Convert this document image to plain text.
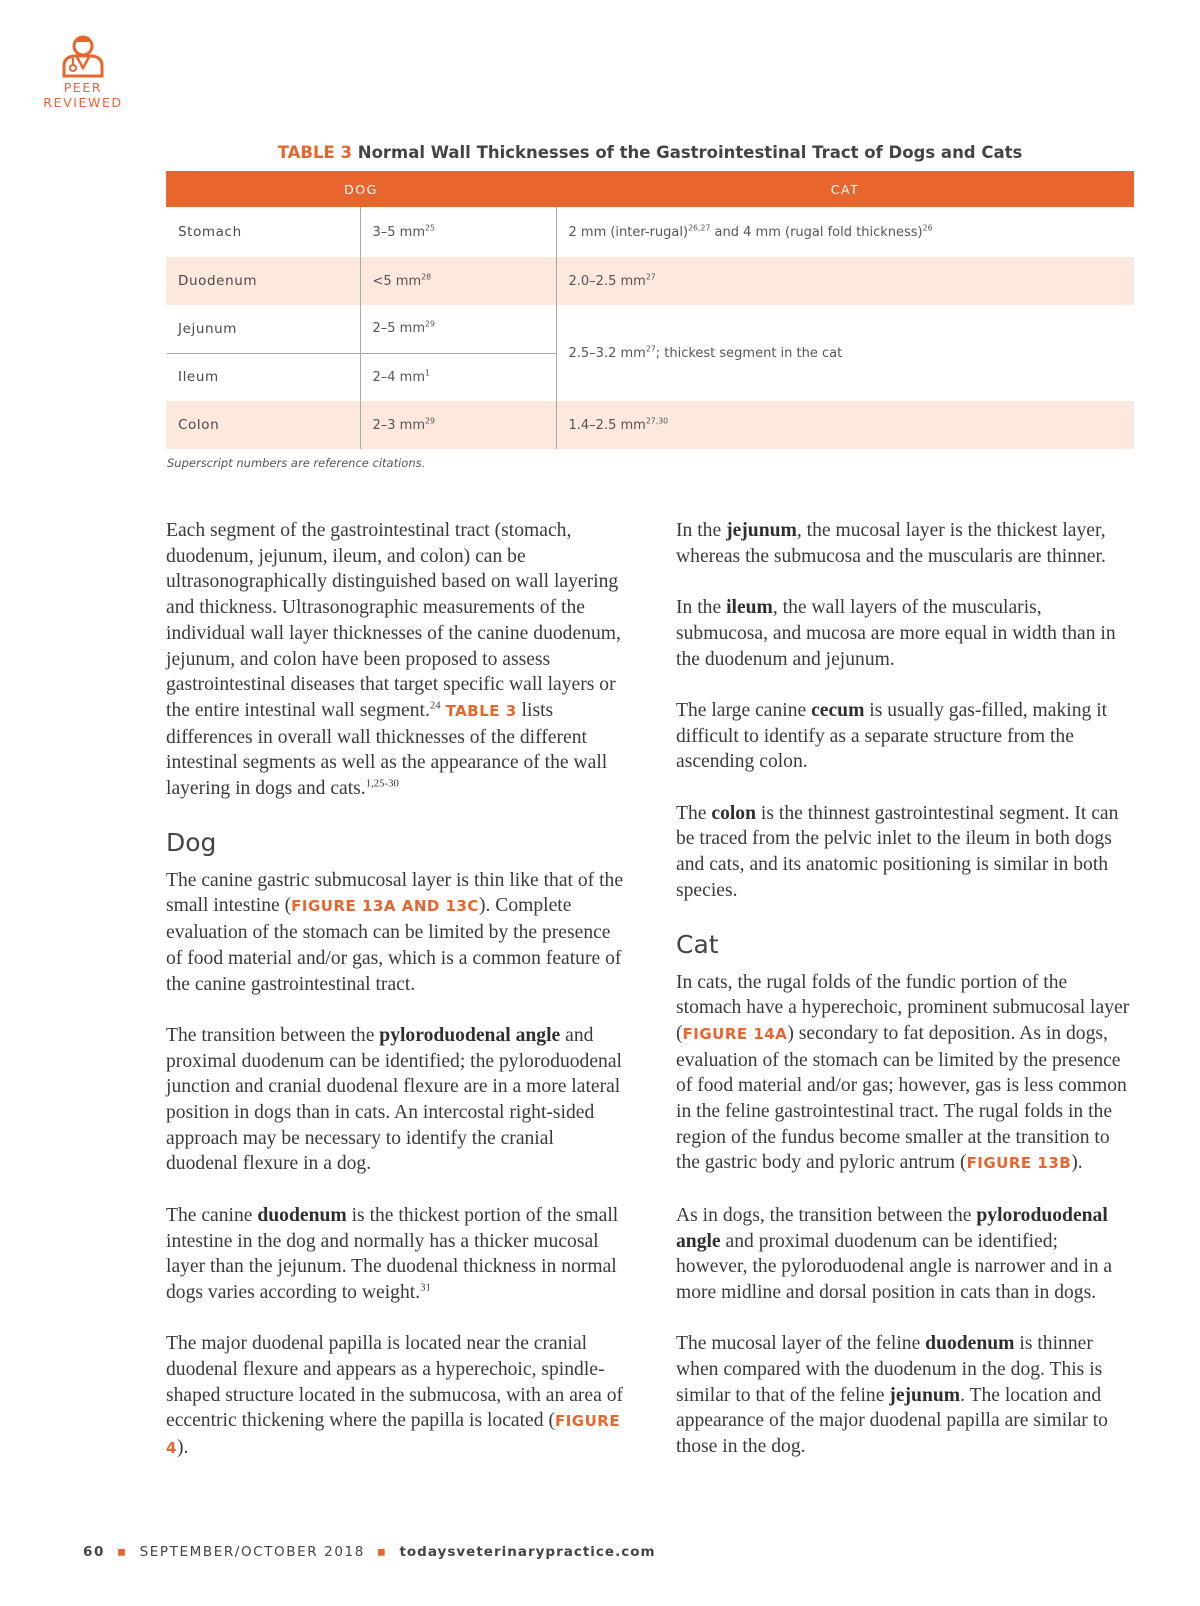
PEER
REVIEWED
TABLE 3 Normal Wall Thicknesses of the Gastrointestinal Tract of Dogs and Cats
DOG		CAT
Stomach	3–5 $mm^{25}$	2 mm (inter-rugal)$^{26,27}$ and 4 mm (rugal fold thickness)$^{26}$
Duodenum	<5 $mm^{28}$	2.0–2.5 $mm^{27}$
Jejunum	2–5 $mm^{29}$	2.5–3.2 $mm^{27}$; thickest segment in the cat
Ileum	2–4 $mm^1$
Colon	2–3 $mm^{29}$	1.4–2.5 mm$^{27,30}$
Superscript numbers are reference citations.

Each segment of the gastrointestinal tract (stomach, duodenum, jejunum, ileum, and colon) can be ultrasonographically distinguished based on wall layering and thickness. Ultrasonographic measurements of the individual wall layer thicknesses of the canine duodenum, jejunum, and colon have been proposed to assess gastrointestinal diseases that target specific wall layers or the entire intestinal wall segment.$^{24}$ TABLE 3 lists differences in overall wall thicknesses of the different intestinal segments as well as the appearance of the wall layering in dogs and cats.$^{1,25-30}$

Dog

The canine gastric submucosal layer is thin like that of the small intestine (FIGURE 13A AND 13C). Complete evaluation of the stomach can be limited by the presence of food material and/or gas, which is a common feature of the canine gastrointestinal tract.

The transition between the pyloroduodenal angle and proximal duodenum can be identified; the pyloroduodenal junction and cranial duodenal flexure are in a more lateral position in dogs than in cats. An intercostal right-sided approach may be necessary to identify the cranial duodenal flexure in a dog.

The canine duodenum is the thickest portion of the small intestine in the dog and normally has a thicker mucosal layer than the jejunum. The duodenal thickness in normal dogs varies according to weight.$^{31}$

The major duodenal papilla is located near the cranial duodenal flexure and appears as a hyperechoic, spindle-shaped structure located in the submucosa, with an area of eccentric thickening where the papilla is located (FIGURE 4).

In the jejunum, the mucosal layer is the thickest layer, whereas the submucosa and the muscularis are thinner.

In the ileum, the wall layers of the muscularis, submucosa, and mucosa are more equal in width than in the duodenum and jejunum.

The large canine cecum is usually gas-filled, making it difficult to identify as a separate structure from the ascending colon.

The colon is the thinnest gastrointestinal segment. It can be traced from the pelvic inlet to the ileum in both dogs and cats, and its anatomic positioning is similar in both species.

Cat

In cats, the rugal folds of the fundic portion of the stomach have a hyperechoic, prominent submucosal layer (FIGURE 14A) secondary to fat deposition. As in dogs, evaluation of the stomach can be limited by the presence of food material and/or gas; however, gas is less common in the feline gastrointestinal tract. The rugal folds in the region of the fundus become smaller at the transition to the gastric body and pyloric antrum (FIGURE 13B).

As in dogs, the transition between the pyloroduodenal angle and proximal duodenum can be identified; however, the pyloroduodenal angle is narrower and in a more midline and dorsal position in cats than in dogs.

The mucosal layer of the feline duodenum is thinner when compared with the duodenum in the dog. This is similar to that of the feline jejunum. The location and appearance of the major duodenal papilla are similar to those in the dog.

60 ▪ SEPTEMBER/OCTOBER 2018 ▪ todaysveterinarypractice.com
